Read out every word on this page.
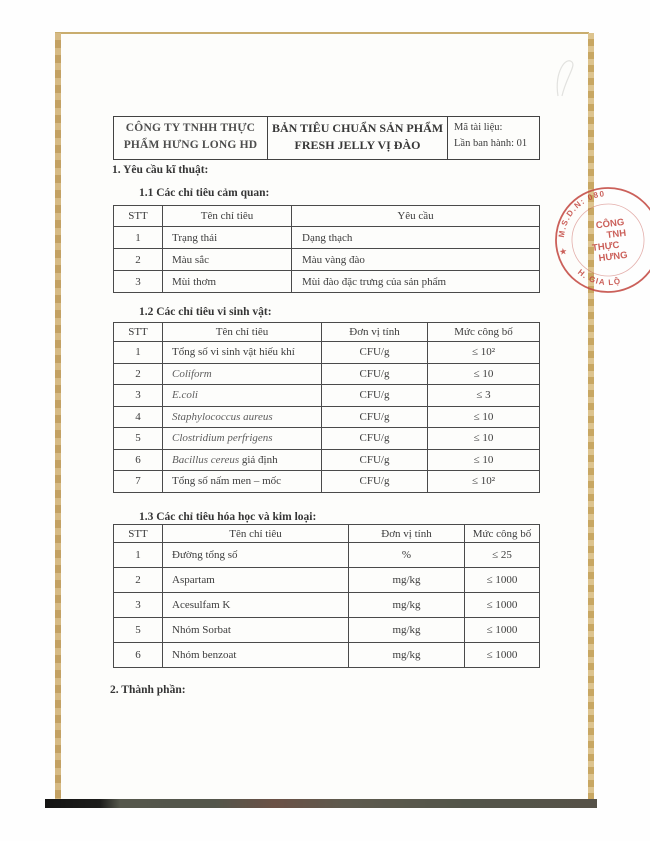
CÔNG TY TNHH THỰC
PHẨM HƯNG LONG HD
BẢN TIÊU CHUẨN SẢN PHẨM
FRESH JELLY VỊ ĐÀO
Mã tài liệu:
Lần ban hành: 01
1. Yêu cầu kĩ thuật:
1.1 Các chỉ tiêu cảm quan:
STT	Tên chỉ tiêu	Yêu cầu
1	Trạng thái	Dạng thạch
2	Màu sắc	Màu vàng đào
3	Mùi thơm	Mùi đào đặc trưng của sản phẩm
1.2 Các chỉ tiêu vi sinh vật:
STT	Tên chỉ tiêu	Đơn vị tính	Mức công bố
1	Tổng số vi sinh vật hiếu khí	CFU/g	≤ 10²
2	Coliform	CFU/g	≤ 10
3	E.coli	CFU/g	≤ 3
4	Staphylococcus aureus	CFU/g	≤ 10
5	Clostridium perfrigens	CFU/g	≤ 10
6	Bacillus cereus giả định	CFU/g	≤ 10
7	Tổng số nấm men – mốc	CFU/g	≤ 10²
1.3 Các chỉ tiêu hóa học và kim loại:
STT	Tên chỉ tiêu	Đơn vị tính	Mức công bố
1	Đường tổng số	%	≤ 25
2	Aspartam	mg/kg	≤ 1000
3	Acesulfam K	mg/kg	≤ 1000
5	Nhóm Sorbat	mg/kg	≤ 1000
6	Nhóm benzoat	mg/kg	≤ 1000
2. Thành phần:
M.S.D.N: 080
H. GIA LỘ
★
CÔNG
TNH
THỰC
HƯNG
